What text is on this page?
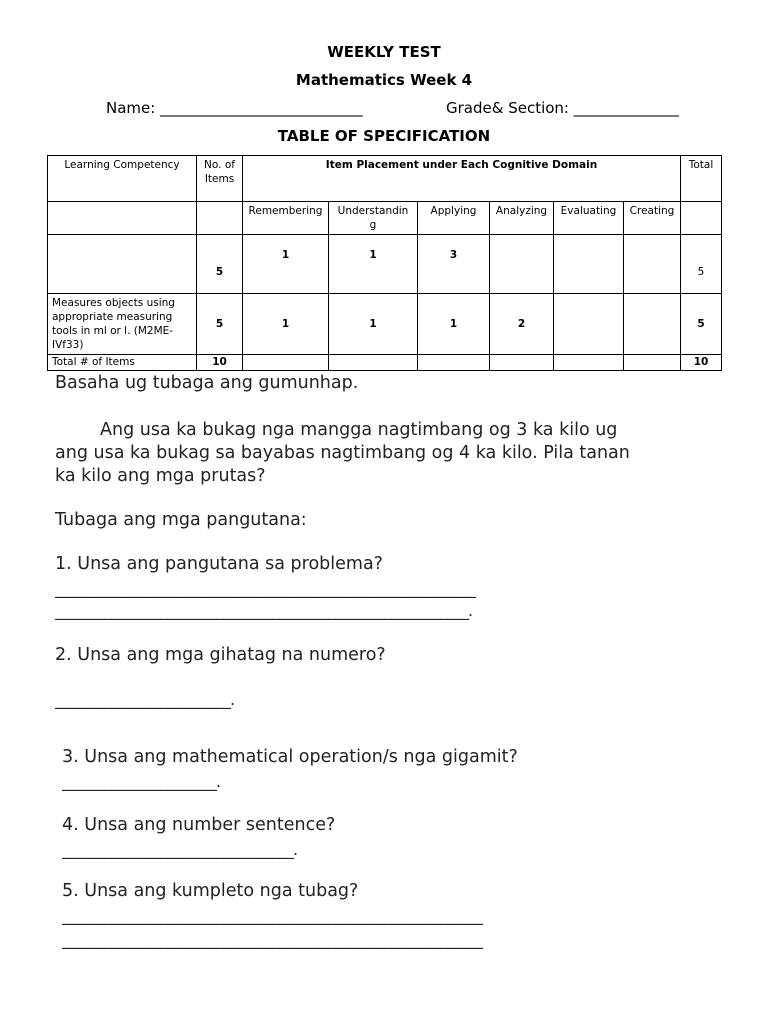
WEEKLY TEST
Mathematics Week 4
Name: ___________________________	Grade& Section: ______________
TABLE OF SPECIFICATION
Learning Competency	No. of Items	Item Placement under Each Cognitive Domain						Total
		Remembering	Understandin g	Applying	Analyzing	Evaluating	Creating	
	5	1	1	3				5
Measures objects using appropriate measuring tools in ml or l. (M2ME-IVf33)	5	1	1	1	2			5
Total # of Items	10							10
Basaha ug tubaga ang gumunhap.
Ang usa ka bukag nga mangga nagtimbang og 3 ka kilo ug ang usa ka bukag sa bayabas nagtimbang og 4 ka kilo. Pila tanan ka kilo ang mga prutas?
Tubaga ang mga pangutana:
1. Unsa ang pangutana sa problema?
____________________________________________________________
___________________________________________________________.
2. Unsa ang mga gihatag na numero?
_________________________.
3. Unsa ang mathematical operation/s nga gigamit?
______________________.
4. Unsa ang number sentence?
_________________________________.
5. Unsa ang kumpleto nga tubag?
____________________________________________________________
____________________________________________________________
